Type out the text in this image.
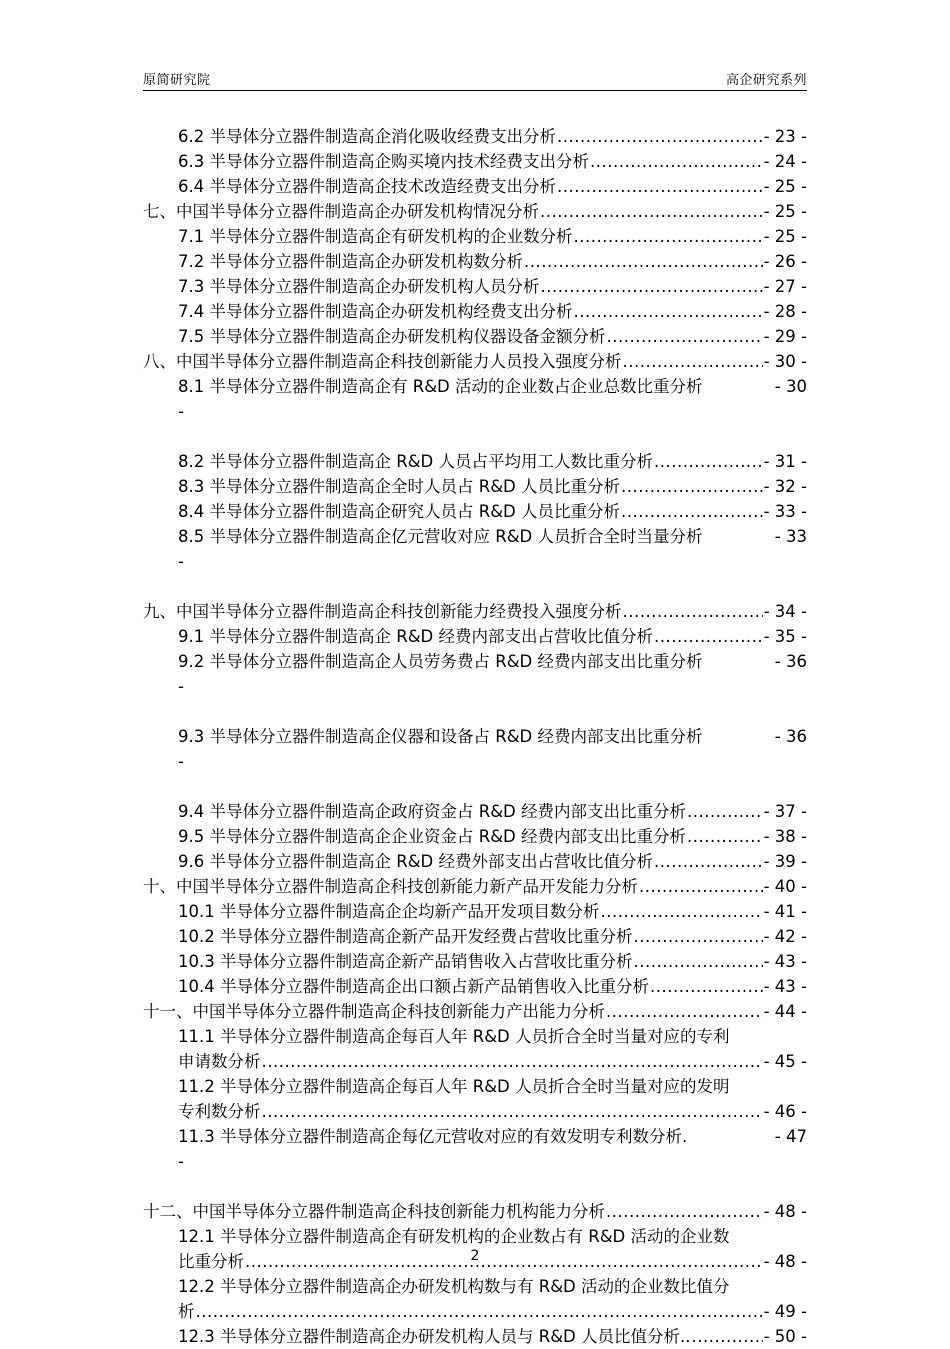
原简研究院	高企研究系列
6.2 半导体分立器件制造高企消化吸收经费支出分析 .....	- 23 -
6.3 半导体分立器件制造高企购买境内技术经费支出分析 .....	- 24 -
6.4 半导体分立器件制造高企技术改造经费支出分析 .....	- 25 -
七、中国半导体分立器件制造高企办研发机构情况分析 .....	- 25 -
7.1 半导体分立器件制造高企有研发机构的企业数分析 .....	- 25 -
7.2 半导体分立器件制造高企办研发机构数分析 .....	- 26 -
7.3 半导体分立器件制造高企办研发机构人员分析 .....	- 27 -
7.4 半导体分立器件制造高企办研发机构经费支出分析 .....	- 28 -
7.5 半导体分立器件制造高企办研发机构仪器设备金额分析 .....	- 29 -
八、中国半导体分立器件制造高企科技创新能力人员投入强度分析 .....	- 30 -
8.1 半导体分立器件制造高企有 R&D 活动的企业数占企业总数比重分析	- 30
-
8.2 半导体分立器件制造高企 R&D 人员占平均用工人数比重分析 .....	- 31 -
8.3 半导体分立器件制造高企全时人员占 R&D 人员比重分析 .....	- 32 -
8.4 半导体分立器件制造高企研究人员占 R&D 人员比重分析 .....	- 33 -
8.5 半导体分立器件制造高企亿元营收对应 R&D 人员折合全时当量分析	- 33
-
九、中国半导体分立器件制造高企科技创新能力经费投入强度分析 .....	- 34 -
9.1 半导体分立器件制造高企 R&D 经费内部支出占营收比值分析 .....	- 35 -
9.2 半导体分立器件制造高企人员劳务费占 R&D 经费内部支出比重分析	- 36
-
9.3 半导体分立器件制造高企仪器和设备占 R&D 经费内部支出比重分析	- 36
-
9.4 半导体分立器件制造高企政府资金占 R&D 经费内部支出比重分析 .....	- 37 -
9.5 半导体分立器件制造高企企业资金占 R&D 经费内部支出比重分析 .....	- 38 -
9.6 半导体分立器件制造高企 R&D 经费外部支出占营收比值分析 .....	- 39 -
十、中国半导体分立器件制造高企科技创新能力新产品开发能力分析 .....	- 40 -
10.1 半导体分立器件制造高企企均新产品开发项目数分析 .....	- 41 -
10.2 半导体分立器件制造高企新产品开发经费占营收比重分析 .....	- 42 -
10.3 半导体分立器件制造高企新产品销售收入占营收比重分析 .....	- 43 -
10.4 半导体分立器件制造高企出口额占新产品销售收入比重分析 .....	- 43 -
十一、中国半导体分立器件制造高企科技创新能力产出能力分析 .....	- 44 -
11.1 半导体分立器件制造高企每百人年 R&D 人员折合全时当量对应的专利
申请数分析 .....	- 45 -
11.2 半导体分立器件制造高企每百人年 R&D 人员折合全时当量对应的发明
专利数分析 .....	- 46 -
11.3 半导体分立器件制造高企每亿元营收对应的有效发明专利数分析.	- 47
-
十二、中国半导体分立器件制造高企科技创新能力机构能力分析 .....	- 48 -
12.1 半导体分立器件制造高企有研发机构的企业数占有 R&D 活动的企业数
比重分析 .....	- 48 -
12.2 半导体分立器件制造高企办研发机构数与有 R&D 活动的企业数比值分
析 .....	- 49 -
12.3 半导体分立器件制造高企办研发机构人员与 R&D 人员比值分析.. .....	- 50 -
2
